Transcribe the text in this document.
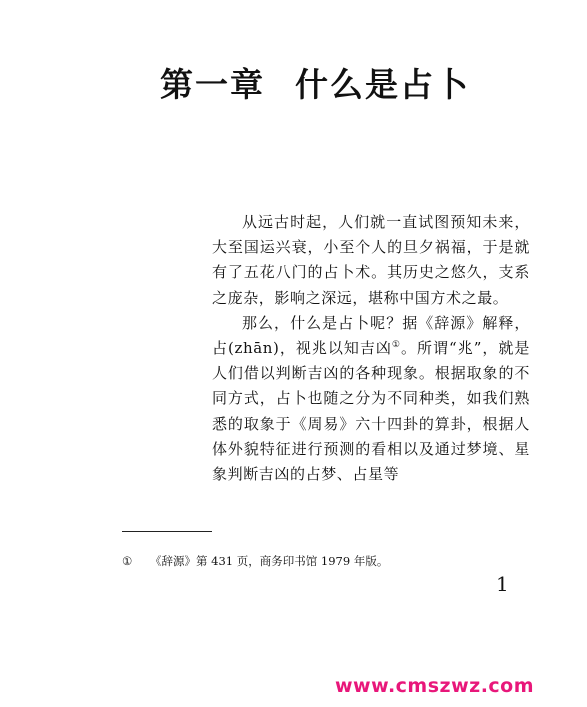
第一章 什么是占卜

从远古时起，人们就一直试图预知未来，大至国运兴衰，小至个人的旦夕祸福，于是就有了五花八门的占卜术。其历史之悠久，支系之庞杂，影响之深远，堪称中国方术之最。

那么，什么是占卜呢？据《辞源》解释，占(zhān)，视兆以知吉凶①。所谓“兆”，就是人们借以判断吉凶的各种现象。根据取象的不同方式，占卜也随之分为不同种类，如我们熟悉的取象于《周易》六十四卦的算卦，根据人体外貌特征进行预测的看相以及通过梦境、星象判断吉凶的占梦、占星等

① 《辞源》第 431 页，商务印书馆 1979 年版。
1
www.cmszwz.com
